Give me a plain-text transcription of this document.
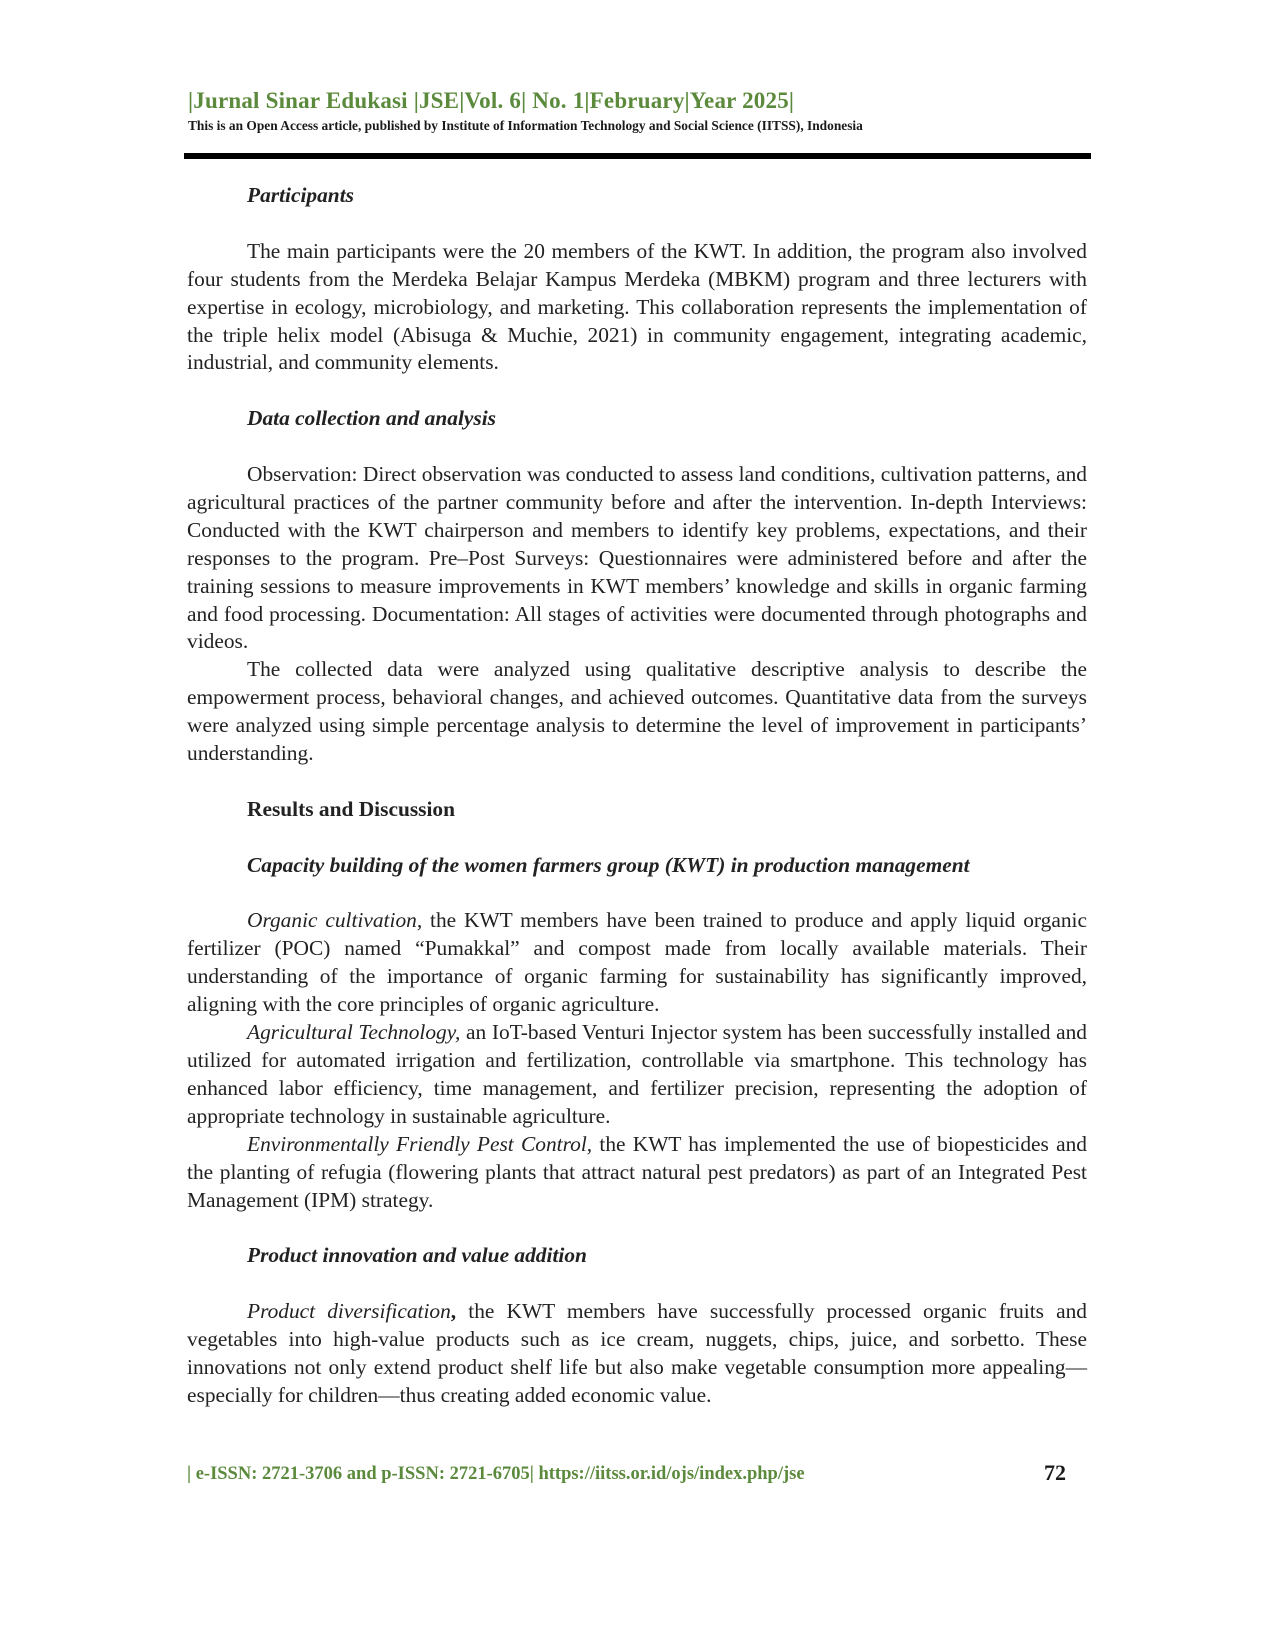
|Jurnal Sinar Edukasi |JSE|Vol. 6| No. 1|February|Year 2025|
This is an Open Access article, published by Institute of Information Technology and Social Science (IITSS), Indonesia
Participants

The main participants were the 20 members of the KWT. In addition, the program also involved four students from the Merdeka Belajar Kampus Merdeka (MBKM) program and three lecturers with expertise in ecology, microbiology, and marketing. This collaboration represents the implementation of the triple helix model (Abisuga & Muchie, 2021) in community engagement, integrating academic, industrial, and community elements.

Data collection and analysis

Observation: Direct observation was conducted to assess land conditions, cultivation patterns, and agricultural practices of the partner community before and after the intervention. In-depth Interviews: Conducted with the KWT chairperson and members to identify key problems, expectations, and their responses to the program. Pre–Post Surveys: Questionnaires were administered before and after the training sessions to measure improvements in KWT members’ knowledge and skills in organic farming and food processing. Documentation: All stages of activities were documented through photographs and videos.

The collected data were analyzed using qualitative descriptive analysis to describe the empowerment process, behavioral changes, and achieved outcomes. Quantitative data from the surveys were analyzed using simple percentage analysis to determine the level of improvement in participants’ understanding.

Results and Discussion
Capacity building of the women farmers group (KWT) in production management

Organic cultivation, the KWT members have been trained to produce and apply liquid organic fertilizer (POC) named “Pumakkal” and compost made from locally available materials. Their understanding of the importance of organic farming for sustainability has significantly improved, aligning with the core principles of organic agriculture.

Agricultural Technology, an IoT-based Venturi Injector system has been successfully installed and utilized for automated irrigation and fertilization, controllable via smartphone. This technology has enhanced labor efficiency, time management, and fertilizer precision, representing the adoption of appropriate technology in sustainable agriculture.

Environmentally Friendly Pest Control, the KWT has implemented the use of biopesticides and the planting of refugia (flowering plants that attract natural pest predators) as part of an Integrated Pest Management (IPM) strategy.

Product innovation and value addition

Product diversification, the KWT members have successfully processed organic fruits and vegetables into high-value products such as ice cream, nuggets, chips, juice, and sorbetto. These innovations not only extend product shelf life but also make vegetable consumption more appealing—especially for children—thus creating added economic value.

| e-ISSN: 2721-3706 and p-ISSN: 2721-6705| https://iitss.or.id/ojs/index.php/jse	72
